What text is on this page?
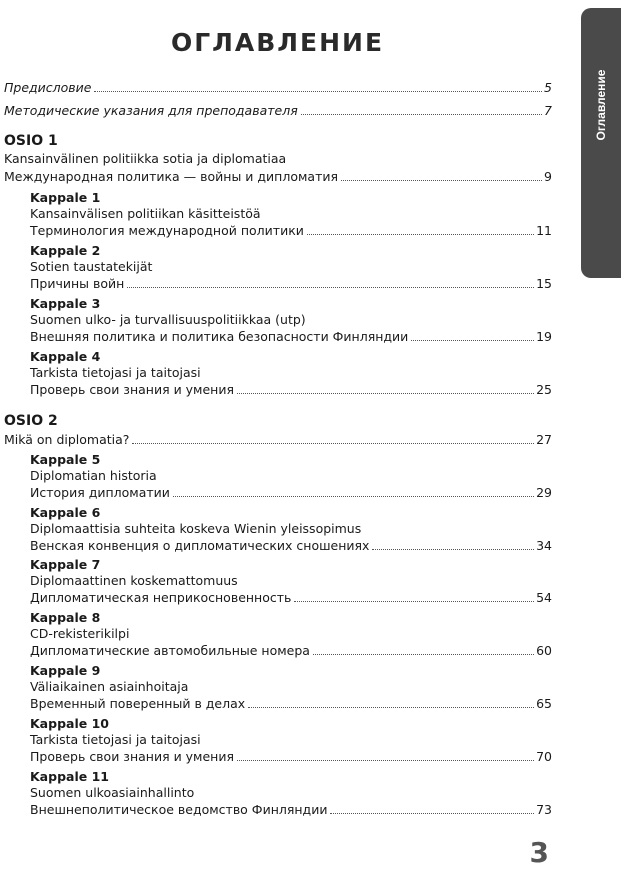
ОГЛАВЛЕНИЕ
Оглавление
Предисловие	5
Методические указания для преподавателя	7
OSIO 1
Kansainvälinen politiikka sotia ja diplomatiaa
Международная политика — войны и дипломатия	9
Kappale 1
Kansainvälisen politiikan käsitteistöä
Терминология международной политики	11
Kappale 2
Sotien taustatekijät
Причины войн	15
Kappale 3
Suomen ulko- ja turvallisuuspolitiikkaa (utp)
Внешняя политика и политика безопасности Финляндии	19
Kappale 4
Tarkista tietojasi ja taitojasi
Проверь свои знания и умения	25
OSIO 2
Mikä on diplomatia?	27
Kappale 5
Diplomatian historia
История дипломатии	29
Kappale 6
Diplomaattisia suhteita koskeva Wienin yleissopimus
Венская конвенция о дипломатических сношениях	34
Kappale 7
Diplomaattinen koskemattomuus
Дипломатическая неприкосновенность	54
Kappale 8
CD-rekisterikilpi
Дипломатические автомобильные номера	60
Kappale 9
Väliaikainen asiainhoitaja
Временный поверенный в делах	65
Kappale 10
Tarkista tietojasi ja taitojasi
Проверь свои знания и умения	70
Kappale 11
Suomen ulkoasiainhallinto
Внешнеполитическое ведомство Финляндии	73
3
